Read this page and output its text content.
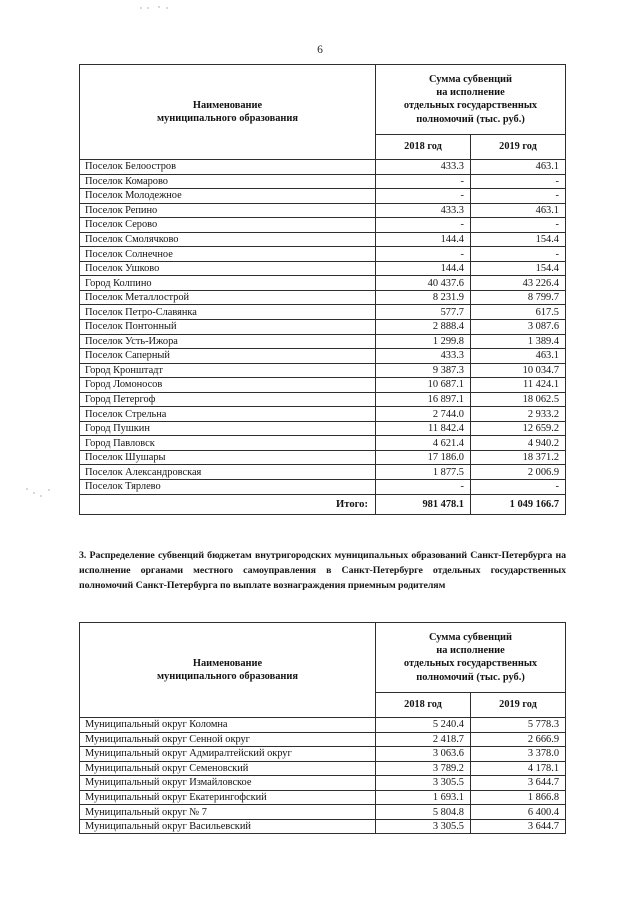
6
Наименование
муниципального образования

Сумма субвенций
на исполнение
отдельных государственных
полномочий (тыс. руб.)

	2018 год	2019 год
Поселок Белоостров	433.3	463.1
Поселок Комарово	-	-
Поселок Молодежное	-	-
Поселок Репино	433.3	463.1
Поселок Серово	-	-
Поселок Смолячково	144.4	154.4
Поселок Солнечное	-	-
Поселок Ушково	144.4	154.4
Город Колпино	40 437.6	43 226.4
Поселок Металлострой	8 231.9	8 799.7
Поселок Петро-Славянка	577.7	617.5
Поселок Понтонный	2 888.4	3 087.6
Поселок Усть-Ижора	1 299.8	1 389.4
Поселок Саперный	433.3	463.1
Город Кронштадт	9 387.3	10 034.7
Город Ломоносов	10 687.1	11 424.1
Город Петергоф	16 897.1	18 062.5
Поселок Стрельна	2 744.0	2 933.2
Город Пушкин	11 842.4	12 659.2
Город Павловск	4 621.4	4 940.2
Поселок Шушары	17 186.0	18 371.2
Поселок Александровская	1 877.5	2 006.9
Поселок Тярлево	-	-
Итого:	981 478.1	1 049 166.7
3. Распределение субвенций бюджетам внутригородских муниципальных образований Санкт-Петербурга на исполнение органами местного самоуправления в Санкт-Петербурге отдельных государственных полномочий Санкт-Петербурга по выплате вознаграждения приемным родителям
Наименование
муниципального образования

Сумма субвенций
на исполнение
отдельных государственных
полномочий (тыс. руб.)

	2018 год	2019 год
Муниципальный округ Коломна	5 240.4	5 778.3
Муниципальный округ Сенной округ	2 418.7	2 666.9
Муниципальный округ Адмиралтейский округ	3 063.6	3 378.0
Муниципальный округ Семеновский	3 789.2	4 178.1
Муниципальный округ Измайловское	3 305.5	3 644.7
Муниципальный округ Екатерингофский	1 693.1	1 866.8
Муниципальный округ № 7	5 804.8	6 400.4
Муниципальный округ Васильевский	3 305.5	3 644.7
